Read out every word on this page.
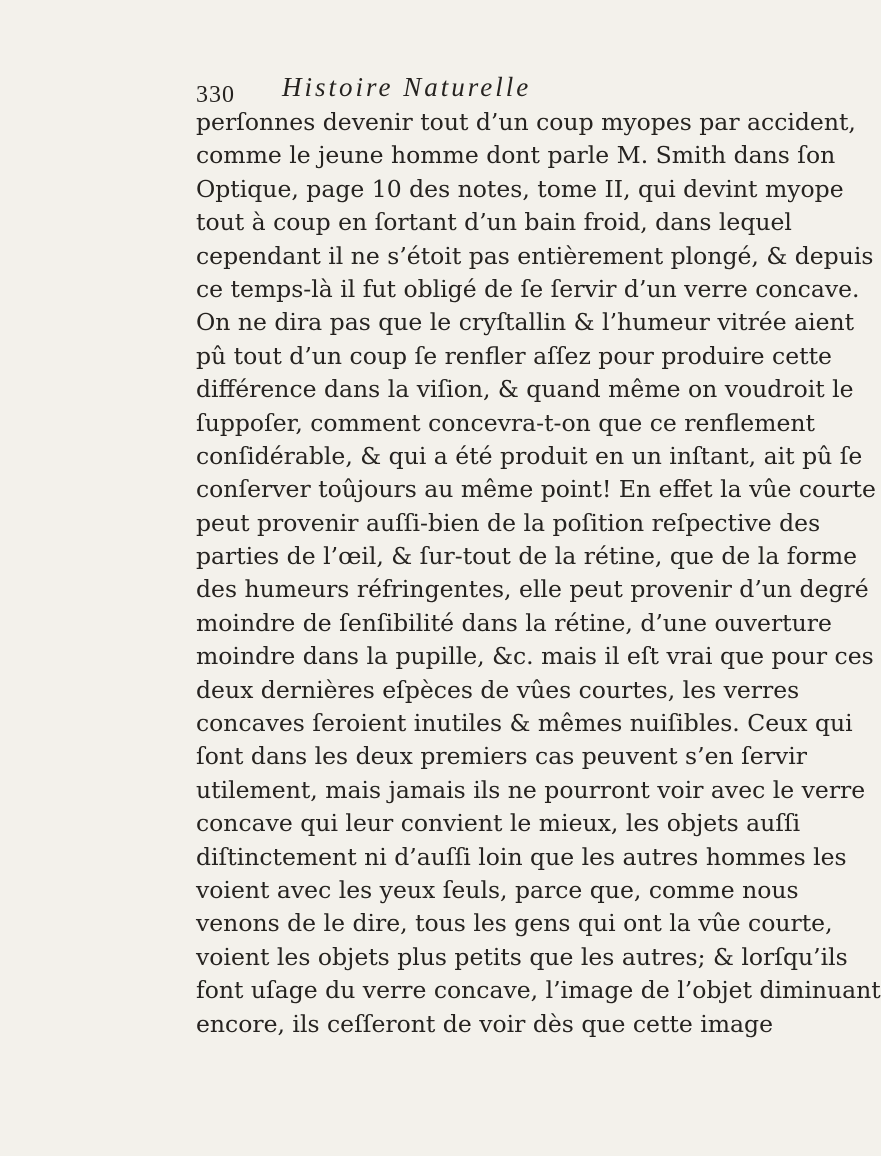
330 Histoire Naturelle
perſonnes devenir tout d’un coup myopes par accident,
comme le jeune homme dont parle M. Smith dans ſon
Optique, page 10 des notes, tome II, qui devint myope
tout à coup en ſortant d’un bain froid, dans lequel
cependant il ne s’étoit pas entièrement plongé, & depuis
ce temps-là il fut obligé de ſe ſervir d’un verre concave.
On ne dira pas que le cryſtallin & l’humeur vitrée aient
pû tout d’un coup ſe renfler aſſez pour produire cette
différence dans la viſion, & quand même on voudroit le
ſuppoſer, comment concevra-t-on que ce renflement
conſidérable, & qui a été produit en un inſtant, ait pû ſe
conſerver toûjours au même point! En effet la vûe courte
peut provenir auſſi-bien de la poſition reſpective des
parties de l’œil, & ſur-tout de la rétine, que de la forme
des humeurs réfringentes, elle peut provenir d’un degré
moindre de ſenſibilité dans la rétine, d’une ouverture
moindre dans la pupille, &c. mais il eſt vrai que pour ces
deux dernières eſpèces de vûes courtes, les verres
concaves ſeroient inutiles & mêmes nuiſibles. Ceux qui
ſont dans les deux premiers cas peuvent s’en ſervir
utilement, mais jamais ils ne pourront voir avec le verre
concave qui leur convient le mieux, les objets auſſi
diſtinctement ni d’auſſi loin que les autres hommes les
voient avec les yeux ſeuls, parce que, comme nous
venons de le dire, tous les gens qui ont la vûe courte,
voient les objets plus petits que les autres; & lorſqu’ils
font uſage du verre concave, l’image de l’objet diminuant
encore, ils ceſſeront de voir dès que cette image
